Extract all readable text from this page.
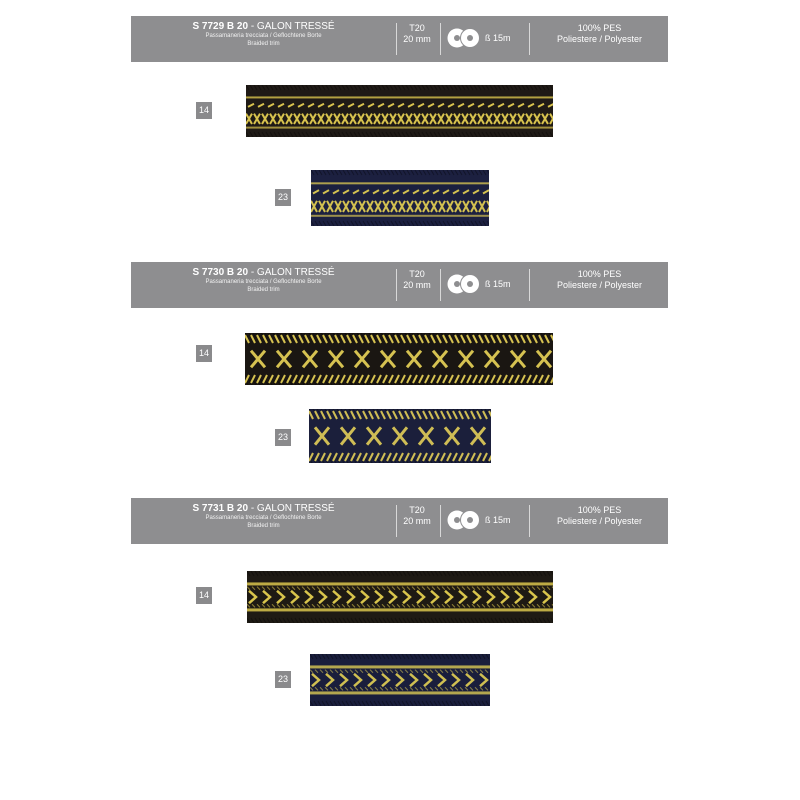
S 7729 B 20 - GALON TRESSÉ
Passamaneria trecciata / Geflochtene Borte
Braided trim
T20
20 mm	ß 15m
100% PES
Poliestere / Polyester
14
23
S 7730 B 20 - GALON TRESSÉ
Passamaneria trecciata / Geflochtene Borte
Braided trim
T20
20 mm	ß 15m
100% PES
Poliestere / Polyester
14
23
S 7731 B 20 - GALON TRESSÉ
Passamaneria trecciata / Geflochtene Borte
Braided trim
T20
20 mm	ß 15m
100% PES
Poliestere / Polyester
14
23
